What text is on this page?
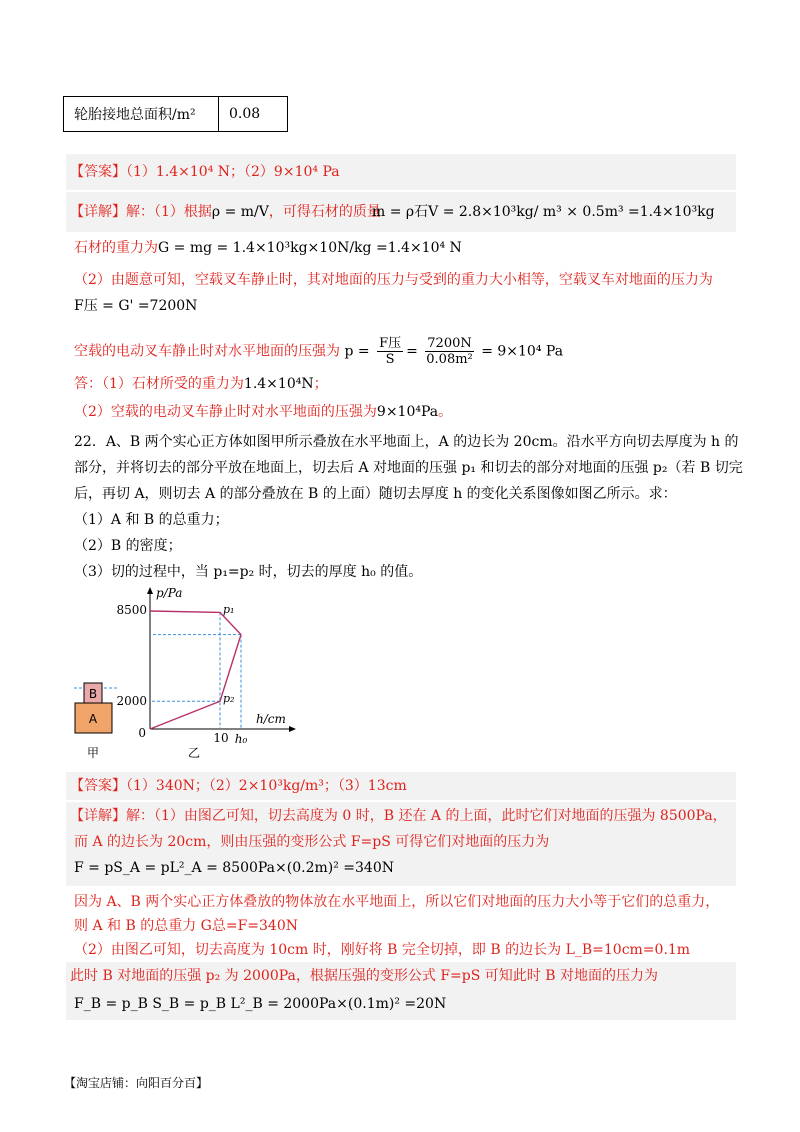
轮胎接地总面积/m²	0.08
【答案】（1）1.4×10⁴ N；（2）9×10⁴ Pa
【详解】解：（1）根据ρ = m/V，可得石材的质量
m = ρ石V = 2.8×10³kg/ m³ × 0.5m³ =1.4×10³kg
石材的重力为G = mg = 1.4×10³kg×10N/kg =1.4×10⁴ N
（2）由题意可知，空载叉车静止时，其对地面的压力与受到的重力大小相等，空载叉车对地面的压力为
F压 = G' =7200N
空载的电动叉车静止时对水平地面的压强为 $p = \frac{\text{F压}}{S} = \frac{7200N}{\text{0.08m²}} = 9\times 10^4$ Pa
答：（1）石材所受的重力为1.4×10⁴N；
（2）空载的电动叉车静止时对水平地面的压强为9×10⁴Pa。
22．A、B 两个实心正方体如图甲所示叠放在水平地面上，A 的边长为 20cm。沿水平方向切去厚度为 h 的
部分，并将切去的部分平放在地面上，切去后 A 对地面的压强 p₁ 和切去的部分对地面的压强 p₂（若 B 切完
后，再切 A，则切去 A 的部分叠放在 B 的上面）随切去厚度 h 的变化关系图像如图乙所示。求：
（1）A 和 B 的总重力；
（2）B 的密度；
（3）切的过程中，当 p₁=p₂ 时，切去的厚度 h₀ 的值。
B
A
甲
p/Pa
h/cm
8500
2000
0	10 h₀
p₁
p₂
乙
【答案】（1）340N；（2）2×10³kg/m³；（3）13cm
【详解】解：（1）由图乙可知，切去高度为 0 时，B 还在 A 的上面，此时它们对地面的压强为 8500Pa，
而 A 的边长为 20cm，则由压强的变形公式 F=pS 可得它们对地面的压力为
F = pS_A = pL²_A = 8500Pa×(0.2m)² =340N
因为 A、B 两个实心正方体叠放的物体放在水平地面上，所以它们对地面的压力大小等于它们的总重力，
则 A 和 B 的总重力 G总=F=340N
（2）由图乙可知，切去高度为 10cm 时，刚好将 B 完全切掉，即 B 的边长为 L_B=10cm=0.1m
此时 B 对地面的压强 p₂ 为 2000Pa，根据压强的变形公式 F=pS 可知此时 B 对地面的压力为
F_B = p_B S_B = p_B L²_B = 2000Pa×(0.1m)² =20N
【淘宝店铺：向阳百分百】
